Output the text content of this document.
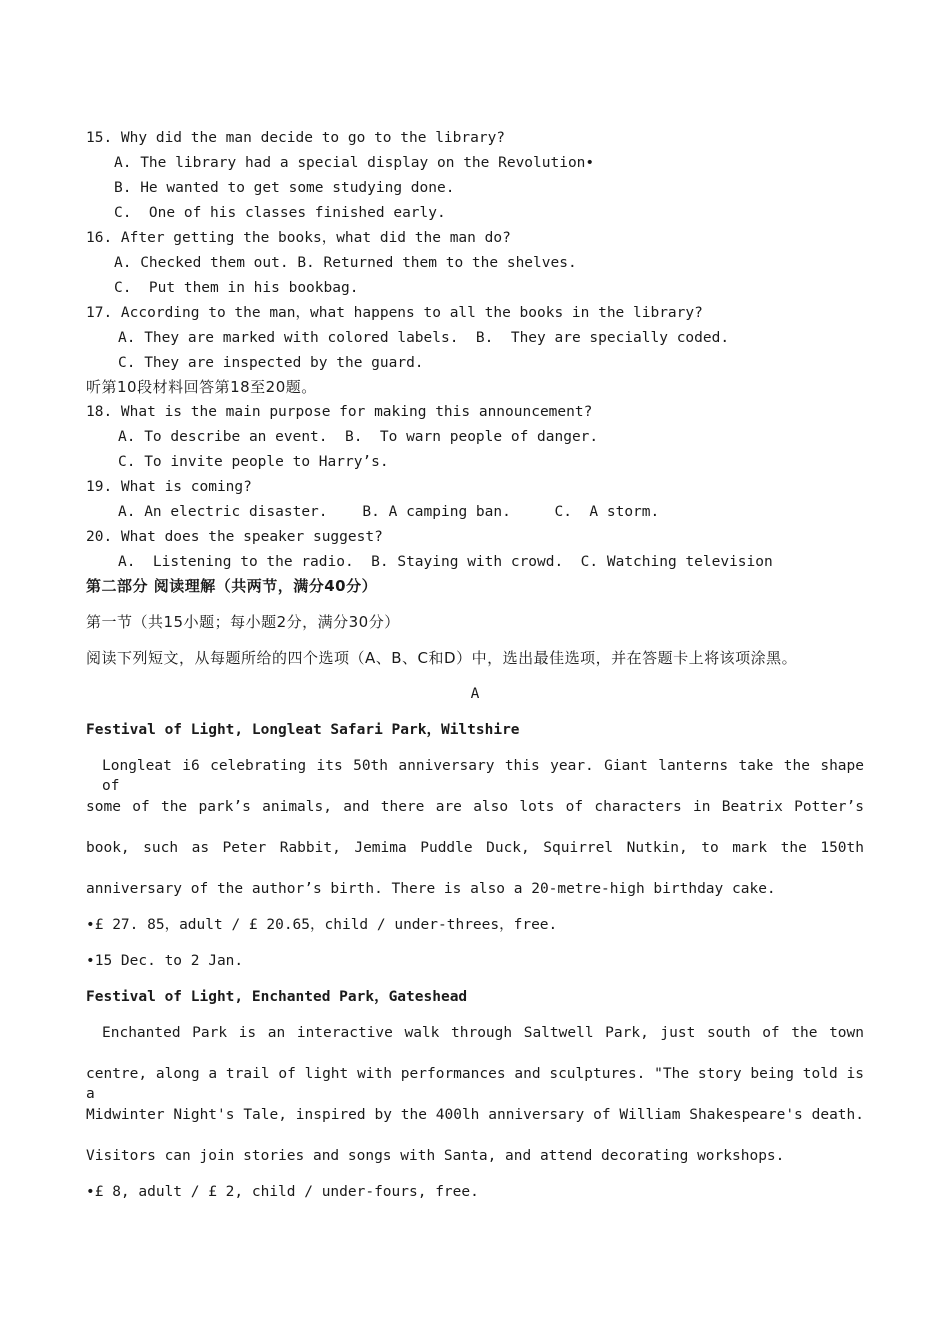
15. Why did the man decide to go to the library?
A. The library had a special display on the Revolution•
B. He wanted to get some studying done.
C.  One of his classes finished early.
16. After getting the books，what did the man do?
A. Checked them out. B. Returned them to the shelves.
C.  Put them in his bookbag.
17. According to the man，what happens to all the books in the library?
A. They are marked with colored labels.  B.  They are specially coded.
C. They are inspected by the guard.
听第10段材料回答第18至20题。
18. What is the main purpose for making this announcement?
A. To describe an event.  B.  To warn people of danger.
C. To invite people to Harry’s.
19. What is coming?
A. An electric disaster.    B. A camping ban.     C.  A storm.
20. What does the speaker suggest?
A.  Listening to the radio.  B. Staying with crowd.  C. Watching television
第二部分 阅读理解（共两节，满分40分）
第一节（共15小题；每小题2分，满分30分）
阅读下列短文，从每题所给的四个选项（A、B、C和D）中，选出最佳选项，并在答题卡上将该项涂黑。
A
Festival of Light, Longleat Safari Park，Wiltshire
Longleat i6 celebrating its 50th anniversary this year. Giant lanterns take the shape of
some of the park’s animals, and there are also lots of characters in Beatrix Potter’s
book, such as Peter Rabbit, Jemima Puddle Duck, Squirrel Nutkin, to mark the 150th
anniversary of the author’s birth. There is also a 20-metre-high birthday cake.
•£ 27. 85，adult / £ 20.65，child / under-threes，free.
•15 Dec. to 2 Jan.
Festival of Light, Enchanted Park，Gateshead
Enchanted Park is an interactive walk through Saltwell Park, just south of the town
centre, along a trail of light with performances and sculptures. "The story being told is a
Midwinter Night's Tale, inspired by the 400lh anniversary of William Shakespeare's death.
Visitors can join stories and songs with Santa, and attend decorating workshops.
•£ 8, adult / £ 2, child / under-fours, free.
